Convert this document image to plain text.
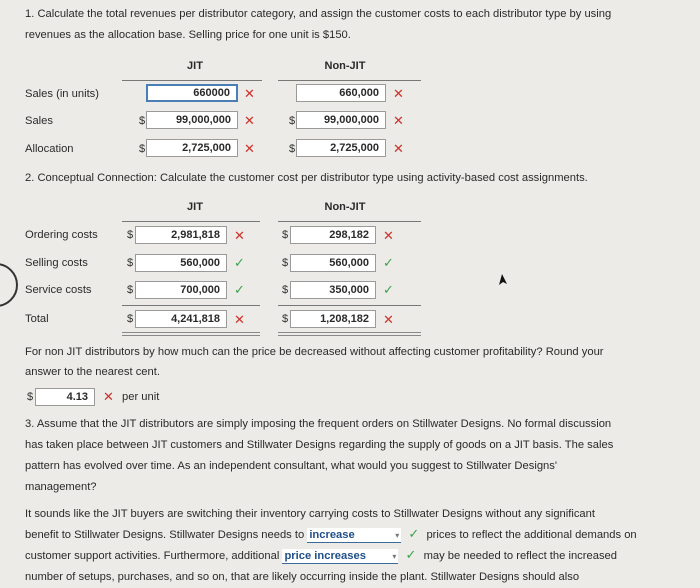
1. Calculate the total revenues per distributor category, and assign the customer costs to each distributor type by using
revenues as the allocation base. Selling price for one unit is $150.
JIT	Non-JIT
Sales (in units)	660000	✕	660,000	✕
Sales	$	99,000,000	✕	$	99,000,000	✕
Allocation	$	2,725,000	✕	$	2,725,000	✕
2. Conceptual Connection: Calculate the customer cost per distributor type using activity-based cost assignments.
JIT	Non-JIT
Ordering costs	$	2,981,818	✕	$	298,182	✕
Selling costs	$	560,000	✓	$	560,000	✓
Service costs	$	700,000	✓	$	350,000	✓
Total	$	4,241,818	✕	$	1,208,182	✕
For non JIT distributors by how much can the price be decreased without affecting customer profitability? Round your
answer to the nearest cent.
$	4.13	✕ per unit
3. Assume that the JIT distributors are simply imposing the frequent orders on Stillwater Designs. No formal discussion
has taken place between JIT customers and Stillwater Designs regarding the supply of goods on a JIT basis. The sales
pattern has evolved over time. As an independent consultant, what would you suggest to Stillwater Designs'
management?
It sounds like the JIT buyers are switching their inventory carrying costs to Stillwater Designs without any significant
benefit to Stillwater Designs. Stillwater Designs needs to increase	▾ ✓ prices to reflect the additional demands on
customer support activities. Furthermore, additional price increases	▾ ✓ may be needed to reflect the increased
number of setups, purchases, and so on, that are likely occurring inside the plant. Stillwater Designs should also
